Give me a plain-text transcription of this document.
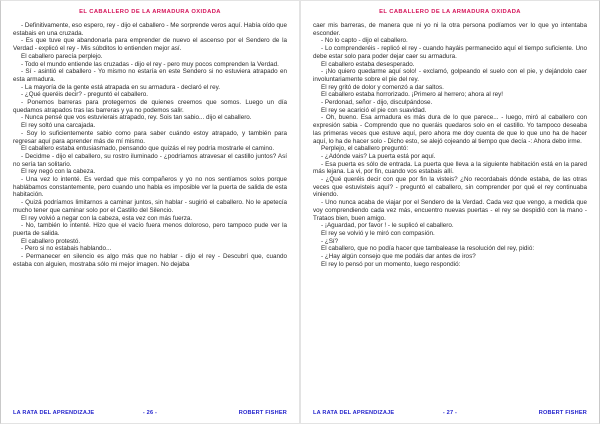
EL CABALLERO DE LA ARMADURA OXIDADA

- Definitivamente, eso espero, rey - dijo el caballero - Me sorprende veros aquí. Había oído que estabais en una cruzada.

- Es que tuve que abandonarla para emprender de nuevo el ascenso por el Sendero de la Verdad - explicó el rey - Mis súbditos lo entienden mejor así.

El caballero parecía perplejo.

- Todo el mundo entiende las cruzadas - dijo el rey - pero muy pocos comprenden la Verdad.

- Sí - asintió el caballero - Yo mismo no estaría en este Sendero si no estuviera atrapado en esta armadura.

- La mayoría de la gente está atrapada en su armadura - declaró el rey.

- ¿Qué queréis decir? - preguntó el caballero.

- Ponemos barreras para protegernos de quienes creemos que somos. Luego un día quedamos atrapados tras las barreras y ya no podemos salir.

- Nunca pensé que vos estuvierais atrapado, rey. Sois tan sabio... dijo el caballero.

El rey soltó una carcajada.

- Soy lo suficientemente sabio como para saber cuándo estoy atrapado, y también para regresar aquí para aprender más de mí mismo.

El caballero estaba entusiasmado, pensando que quizás el rey podría mostrarle el camino.

- Decidme - dijo el caballero, su rostro iluminado - ¿podríamos atravesar el castillo juntos? Así no sería tan solitario.

El rey negó con la cabeza.

- Una vez lo intenté. Es verdad que mis compañeros y yo no nos sentíamos solos porque hablábamos constantemente, pero cuando uno habla es imposible ver la puerta de salida de esta habitación.

- Quizá podríamos limitarnos a caminar juntos, sin hablar - sugirió el caballero. No le apetecía mucho tener que caminar solo por el Castillo del Silencio.

El rey volvió a negar con la cabeza, esta vez con más fuerza.

- No, también lo intenté. Hizo que el vacío fuera menos doloroso, pero tampoco pude ver la puerta de salida.

El caballero protestó.

- Pero si no estabais hablando...

- Permanecer en silencio es algo más que no hablar - dijo el rey - Descubrí que, cuando estaba con alguien, mostraba sólo mi mejor imagen. No dejaba

LA RATA DEL APRENDIZAJE	- 26 -	ROBERT FISHER
EL CABALLERO DE LA ARMADURA OXIDADA

caer mis barreras, de manera que ni yo ni la otra persona podíamos ver lo que yo intentaba esconder.

- No lo capto - dijo el caballero.

- Lo comprenderéis - replicó el rey - cuando hayáis permanecido aquí el tiempo suficiente. Uno debe estar solo para poder dejar caer su armadura.

El caballero estaba desesperado.

- ¡No quiero quedarme aquí solo! - exclamó, golpeando el suelo con el pie, y dejándolo caer involuntariamente sobre el pie del rey.

El rey gritó de dolor y comenzó a dar saltos.

El caballero estaba horrorizado. ¡Primero al herrero; ahora al rey!

- Perdonad, señor - dijo, disculpándose.

El rey se acarició el pie con suavidad.

- Oh, bueno. Esa armadura es más dura de lo que parece... - luego, miró al caballero con expresión sabia - Comprendo que no queráis quedaros solo en el castillo. Yo tampoco deseaba las primeras veces que estuve aquí, pero ahora me doy cuenta de que lo que uno ha de hacer aquí, lo ha de hacer solo - Dicho esto, se alejó cojeando al tiempo que decía -: Ahora debo irme.

Perplejo, el caballero preguntó:

- ¿Adónde vais? La puerta está por aquí.

- Esa puerta es sólo de entrada. La puerta que lleva a la siguiente habitación está en la pared más lejana. La vi, por fin, cuando vos estabais allí.

- ¿Qué queréis decir con que por fin la visteis? ¿No recordabais dónde estaba, de las otras veces que estuvisteis aquí? - preguntó el caballero, sin comprender por qué el rey continuaba viniendo.

- Uno nunca acaba de viajar por el Sendero de la Verdad. Cada vez que vengo, a medida que voy comprendiendo cada vez más, encuentro nuevas puertas - el rey se despidió con la mano - Trataos bien, buen amigo.

- ¡Aguardad, por favor ! - le suplicó el caballero.

El rey se volvió y le miró con compasión.

- ¿Sí?

El caballero, que no podía hacer que tambalease la resolución del rey, pidió:

- ¿Hay algún consejo que me podáis dar antes de iros?

El rey lo pensó por un momento, luego respondió:

LA RATA DEL APRENDIZAJE	- 27 -	ROBERT FISHER
